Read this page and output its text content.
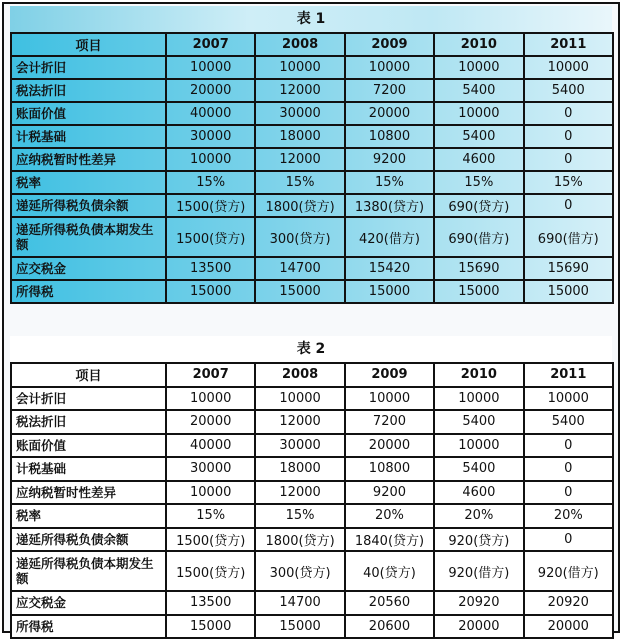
表 1
项目	2007	2008	2009	2010	2011
会计折旧	10000	10000	10000	10000	10000
税法折旧	20000	12000	7200	5400	5400
账面价值	40000	30000	20000	10000	0
计税基础	30000	18000	10800	5400	0
应纳税暂时性差异	10000	12000	9200	4600	0
税率	15%	15%	15%	15%	15%
递延所得税负债余额	1500(贷方)	1800(贷方)	1380(贷方)	690(贷方)	0
递延所得税负债本期发生额	1500(贷方)	300(贷方)	420(借方)	690(借方)	690(借方)
应交税金	13500	14700	15420	15690	15690
所得税	15000	15000	15000	15000	15000
表 2
项目	2007	2008	2009	2010	2011
会计折旧	10000	10000	10000	10000	10000
税法折旧	20000	12000	7200	5400	5400
账面价值	40000	30000	20000	10000	0
计税基础	30000	18000	10800	5400	0
应纳税暂时性差异	10000	12000	9200	4600	0
税率	15%	15%	20%	20%	20%
递延所得税负债余额	1500(贷方)	1800(贷方)	1840(贷方)	920(贷方)	0
递延所得税负债本期发生额	1500(贷方)	300(贷方)	40(贷方)	920(借方)	920(借方)
应交税金	13500	14700	20560	20920	20920
所得税	15000	15000	20600	20000	20000
